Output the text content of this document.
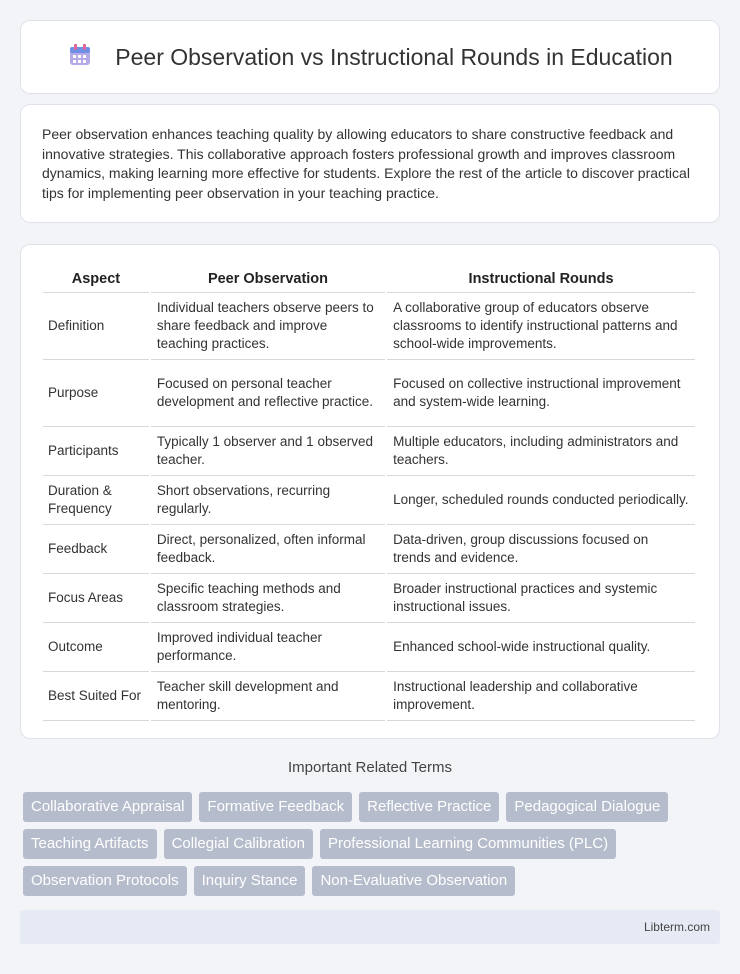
Peer Observation vs Instructional Rounds in Education

Peer observation enhances teaching quality by allowing educators to share constructive feedback and innovative strategies. This collaborative approach fosters professional growth and improves classroom dynamics, making learning more effective for students. Explore the rest of the article to discover practical tips for implementing peer observation in your teaching practice.

Aspect	Peer Observation	Instructional Rounds
Definition	Individual teachers observe peers to share feedback and improve teaching practices.	A collaborative group of educators observe classrooms to identify instructional patterns and school-wide improvements.
Purpose	Focused on personal teacher development and reflective practice.	Focused on collective instructional improvement and system-wide learning.
Participants	Typically 1 observer and 1 observed teacher.	Multiple educators, including administrators and teachers.
Duration & Frequency	Short observations, recurring regularly.	Longer, scheduled rounds conducted periodically.
Feedback	Direct, personalized, often informal feedback.	Data-driven, group discussions focused on trends and evidence.
Focus Areas	Specific teaching methods and classroom strategies.	Broader instructional practices and systemic instructional issues.
Outcome	Improved individual teacher performance.	Enhanced school-wide instructional quality.
Best Suited For	Teacher skill development and mentoring.	Instructional leadership and collaborative improvement.
Important Related Terms
Collaborative Appraisal	Formative Feedback	Reflective Practice	Pedagogical Dialogue
Teaching Artifacts	Collegial Calibration	Professional Learning Communities (PLC)
Observation Protocols	Inquiry Stance	Non-Evaluative Observation
Libterm.com
